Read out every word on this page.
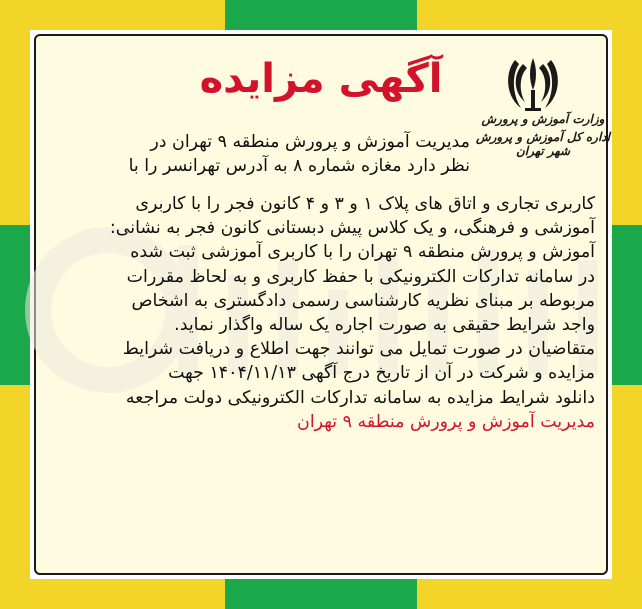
وزارت آموزش و پرورش
اداره کل آموزش و پرورش شهر تهران
آگهی مزایده

مدیریت آموزش و پرورش منطقه ۹ تهران در

نظر دارد مغازه شماره ۸ به آدرس تهرانسر را با

کاربری تجاری و اتاق های پلاک ۱ و ۳ و ۴ کانون فجر را با کاربری

آموزشی و فرهنگی، و یک کلاس پیش دبستانی کانون فجر به نشانی:

آموزش و پرورش منطقه ۹ تهران را با کاربری آموزشی ثبت شده

در سامانه تدارکات الکترونیکی با حفظ کاربری و به لحاظ مقررات

مربوطه بر مبنای نظریه کارشناسی رسمی دادگستری به اشخاص

واجد شرایط حقیقی به صورت اجاره یک ساله واگذار نماید.

متقاضیان در صورت تمایل می توانند جهت اطلاع و دریافت شرایط

مزایده و شرکت در آن از تاریخ درج آگهی ۱۴۰۴/۱۱/۱۳ جهت

دانلود شرایط مزایده به سامانه تدارکات الکترونیکی دولت مراجعه

مدیریت آموزش و پرورش منطقه ۹ تهران
